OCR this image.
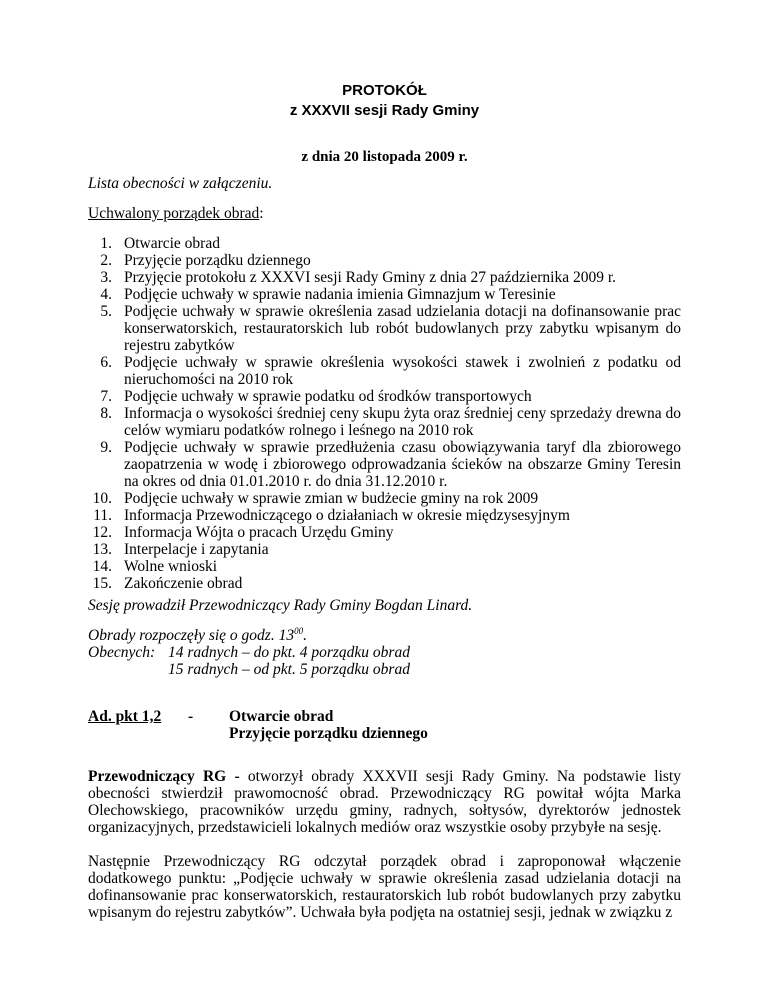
PROTOKÓŁ
z XXXVII sesji Rady Gminy
z dnia 20 listopada 2009 r.
Lista obecności w załączeniu.
Uchwalony porządek obrad:
1. Otwarcie obrad
2. Przyjęcie porządku dziennego
3. Przyjęcie protokołu z XXXVI sesji Rady Gminy z dnia 27 października 2009 r.
4. Podjęcie uchwały w sprawie nadania imienia Gimnazjum w Teresinie
5. Podjęcie uchwały w sprawie określenia zasad udzielania dotacji na dofinansowanie prac konserwatorskich, restauratorskich lub robót budowlanych przy zabytku wpisanym do rejestru zabytków
6. Podjęcie uchwały w sprawie określenia wysokości stawek i zwolnień z podatku od nieruchomości na 2010 rok
7. Podjęcie uchwały w sprawie podatku od środków transportowych
8. Informacja o wysokości średniej ceny skupu żyta oraz średniej ceny sprzedaży drewna do celów wymiaru podatków rolnego i leśnego na 2010 rok
9. Podjęcie uchwały w sprawie przedłużenia czasu obowiązywania taryf dla zbiorowego zaopatrzenia w wodę i zbiorowego odprowadzania ścieków na obszarze Gminy Teresin na okres od dnia 01.01.2010 r. do dnia 31.12.2010 r.
10. Podjęcie uchwały w sprawie zmian w budżecie gminy na rok 2009
11. Informacja Przewodniczącego o działaniach w okresie międzysesyjnym
12. Informacja Wójta o pracach Urzędu Gminy
13. Interpelacje i zapytania
14. Wolne wnioski
15. Zakończenie obrad
Sesję prowadził Przewodniczący Rady Gminy Bogdan Linard.
Obrady rozpoczęły się o godz. $13^{00}$.
Obecnych: 14 radnych – do pkt. 4 porządku obrad
15 radnych – od pkt. 5 porządku obrad
Ad. pkt 1,2 - Otwarcie obrad
Przyjęcie porządku dziennego
Przewodniczący RG - otworzył obrady XXXVII sesji Rady Gminy. Na podstawie listy obecności stwierdził prawomocność obrad. Przewodniczący RG powitał wójta Marka Olechowskiego, pracowników urzędu gminy, radnych, sołtysów, dyrektorów jednostek organizacyjnych, przedstawicieli lokalnych mediów oraz wszystkie osoby przybyłe na sesję.
Następnie Przewodniczący RG odczytał porządek obrad i zaproponował włączenie dodatkowego punktu: „Podjęcie uchwały w sprawie określenia zasad udzielania dotacji na dofinansowanie prac konserwatorskich, restauratorskich lub robót budowlanych przy zabytku wpisanym do rejestru zabytków”. Uchwała była podjęta na ostatniej sesji, jednak w związku z
